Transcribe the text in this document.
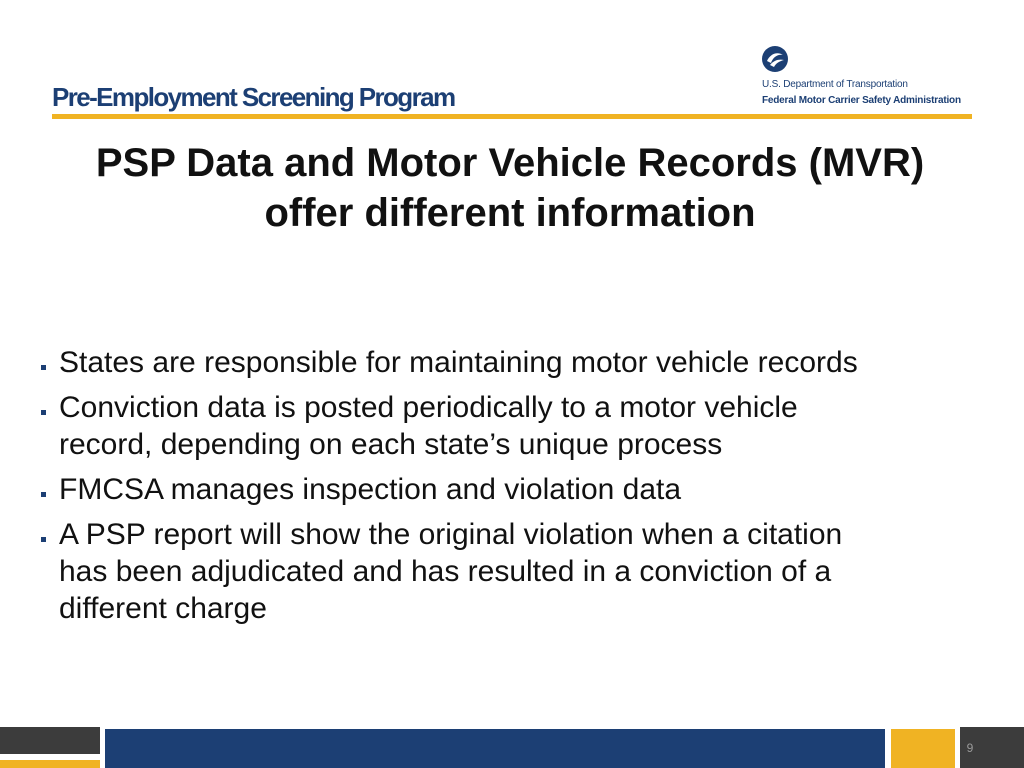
Pre-Employment Screening Program	U.S. Department of Transportation
Federal Motor Carrier Safety Administration
PSP Data and Motor Vehicle Records (MVR)
offer different information
States are responsible for maintaining motor vehicle records
Conviction data is posted periodically to a motor vehicle record, depending on each state’s unique process
FMCSA manages inspection and violation data
A PSP report will show the original violation when a citation has been adjudicated and has resulted in a conviction of a different charge
9
